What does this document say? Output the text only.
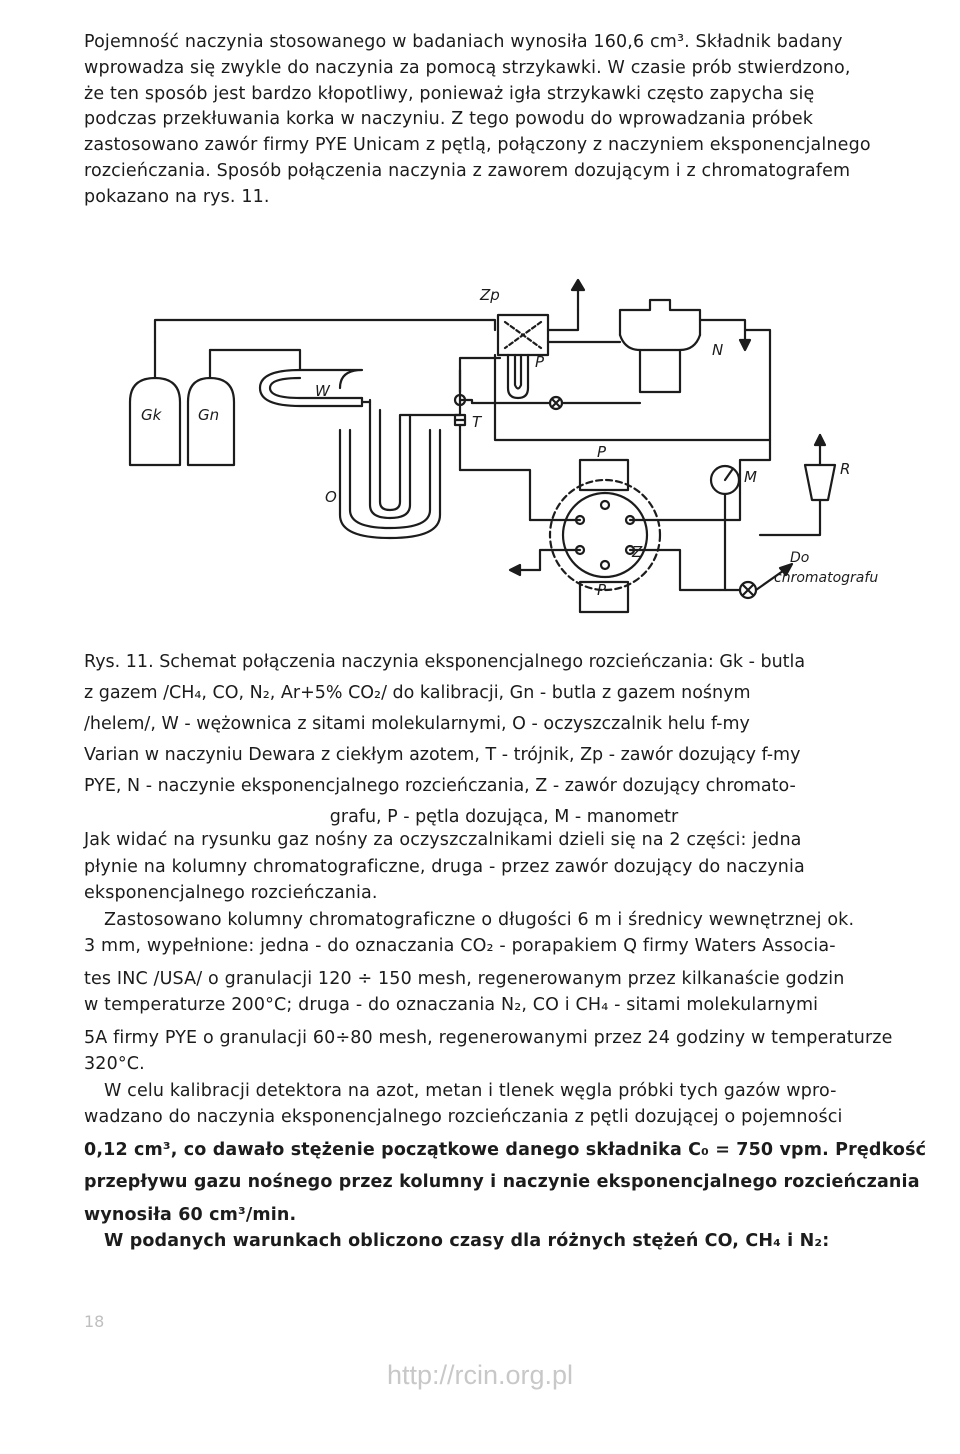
Pojemność naczynia stosowanego w badaniach wynosiła 160,6 cm³. Składnik badany
wprowadza się zwykle do naczynia za pomocą strzykawki. W czasie prób stwierdzono,
że ten sposób jest bardzo kłopotliwy, ponieważ igła strzykawki często zapycha się
podczas przekłuwania korka w naczyniu. Z tego powodu do wprowadzania próbek
zastosowano zawór firmy PYE Unicam z pętlą, połączony z naczyniem eksponencjalnego
rozcieńczania. Sposób połączenia naczynia z zaworem dozującym i z chromatografem
pokazano na rys. 11.
Gk Gn
W
O
T
Zp
P
N
P
P
Z
M	R
Do
chromatografu
Rys. 11. Schemat połączenia naczynia eksponencjalnego rozcieńczania: Gk - butla
z gazem /CH₄, CO, N₂, Ar+5% CO₂/ do kalibracji, Gn - butla z gazem nośnym
/helem/, W - wężownica z sitami molekularnymi, O - oczyszczalnik helu f-my
Varian w naczyniu Dewara z ciekłym azotem, T - trójnik, Zp - zawór dozujący f-my
PYE, N - naczynie eksponencjalnego rozcieńczania, Z - zawór dozujący chromato-
grafu, P - pętla dozująca, M - manometr
Jak widać na rysunku gaz nośny za oczyszczalnikami dzieli się na 2 części: jedna
płynie na kolumny chromatograficzne, druga - przez zawór dozujący do naczynia
eksponencjalnego rozcieńczania.
Zastosowano kolumny chromatograficzne o długości 6 m i średnicy wewnętrznej ok.
3 mm, wypełnione: jedna - do oznaczania CO₂ - porapakiem Q firmy Waters Associa-
tes INC /USA/ o granulacji 120 ÷ 150 mesh, regenerowanym przez kilkanaście godzin
w temperaturze 200°C; druga - do oznaczania N₂, CO i CH₄ - sitami molekularnymi
5A firmy PYE o granulacji 60÷80 mesh, regenerowanymi przez 24 godziny w temperaturze
320°C.
W celu kalibracji detektora na azot, metan i tlenek węgla próbki tych gazów wpro-
wadzano do naczynia eksponencjalnego rozcieńczania z pętli dozującej o pojemności
0,12 cm³, co dawało stężenie początkowe danego składnika C₀ = 750 vpm. Prędkość
przepływu gazu nośnego przez kolumny i naczynie eksponencjalnego rozcieńczania
wynosiła 60 cm³/min.
W podanych warunkach obliczono czasy dla różnych stężeń CO, CH₄ i N₂:
18
http://rcin.org.pl
